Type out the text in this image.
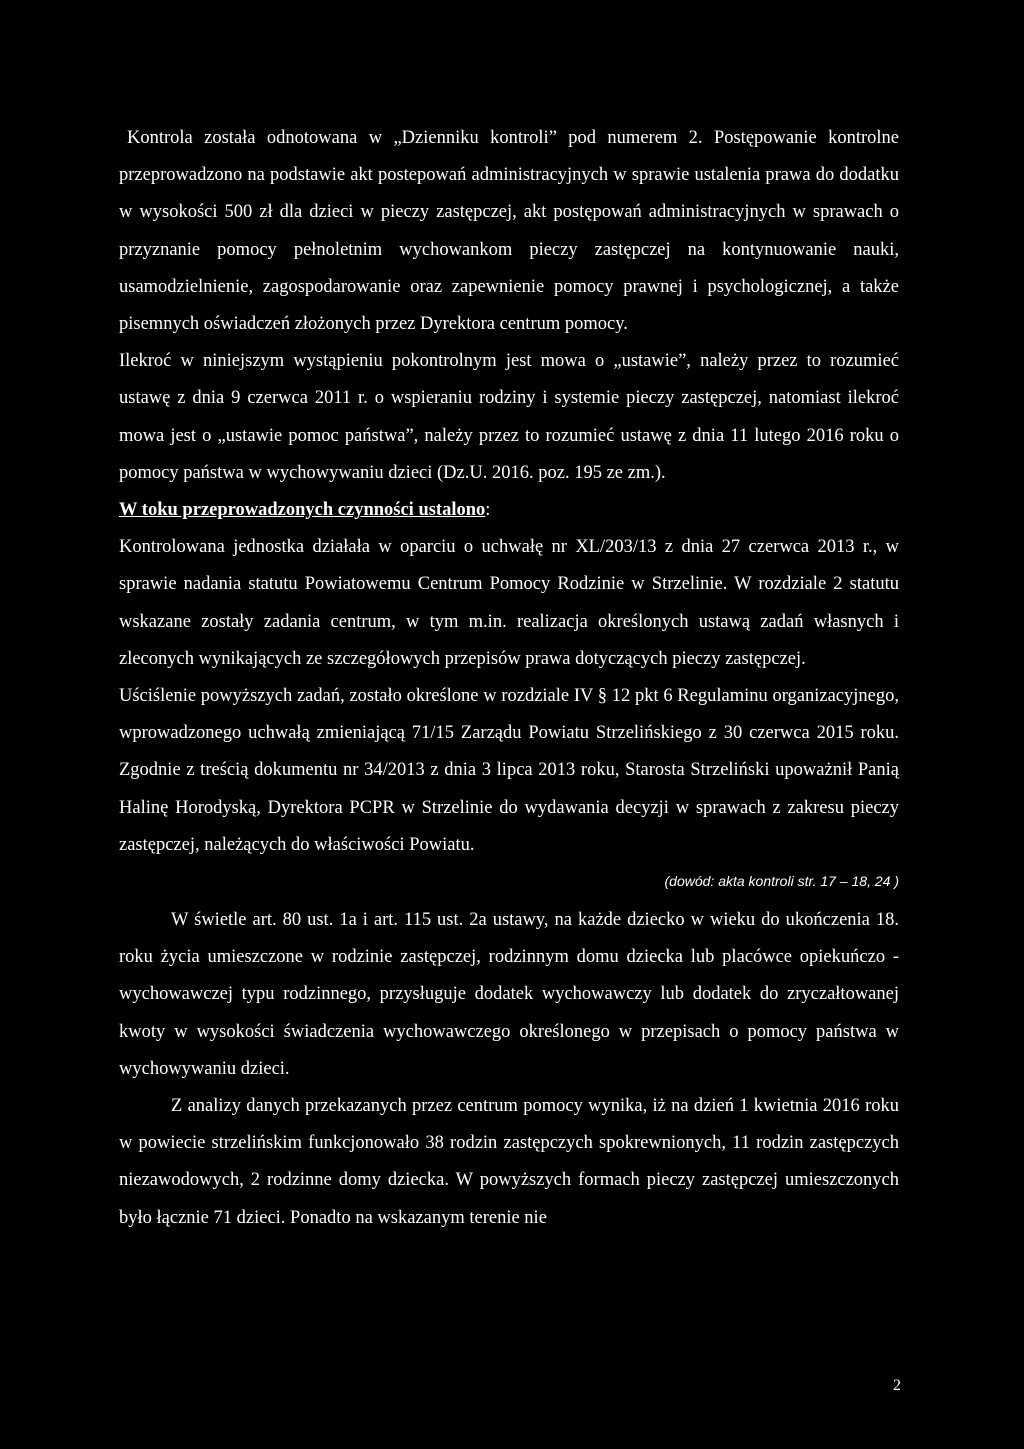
Kontrola została odnotowana w „Dzienniku kontroli” pod numerem 2. Postępowanie kontrolne przeprowadzono na podstawie akt postepowań administracyjnych w sprawie ustalenia prawa do dodatku w wysokości 500 zł dla dzieci w pieczy zastępczej, akt postępowań administracyjnych w sprawach o przyznanie pomocy pełnoletnim wychowankom pieczy zastępczej na kontynuowanie nauki, usamodzielnienie, zagospodarowanie oraz zapewnienie pomocy prawnej i psychologicznej, a także pisemnych oświadczeń złożonych przez Dyrektora centrum pomocy.

Ilekroć w niniejszym wystąpieniu pokontrolnym jest mowa o „ustawie”, należy przez to rozumieć ustawę z dnia 9 czerwca 2011 r. o wspieraniu rodziny i systemie pieczy zastępczej, natomiast ilekroć mowa jest o „ustawie pomoc państwa”, należy przez to rozumieć ustawę z dnia 11 lutego 2016 roku o pomocy państwa w wychowywaniu dzieci (Dz.U. 2016. poz. 195 ze zm.).

W toku przeprowadzonych czynności ustalono:

Kontrolowana jednostka działała w oparciu o uchwałę nr XL/203/13 z dnia 27 czerwca 2013 r., w sprawie nadania statutu Powiatowemu Centrum Pomocy Rodzinie w Strzelinie. W rozdziale 2 statutu wskazane zostały zadania centrum, w tym m.in. realizacja określonych ustawą zadań własnych i zleconych wynikających ze szczegółowych przepisów prawa dotyczących pieczy zastępczej.

Uściślenie powyższych zadań, zostało określone w rozdziale IV § 12 pkt 6 Regulaminu organizacyjnego, wprowadzonego uchwałą zmieniającą 71/15 Zarządu Powiatu Strzelińskiego z 30 czerwca 2015 roku. Zgodnie z treścią dokumentu nr 34/2013 z dnia 3 lipca 2013 roku, Starosta Strzeliński upoważnił Panią Halinę Horodyską, Dyrektora PCPR w Strzelinie do wydawania decyzji w sprawach z zakresu pieczy zastępczej, należących do właściwości Powiatu.

(dowód: akta kontroli str. 17 – 18, 24 )

W świetle art. 80 ust. 1a i art. 115 ust. 2a ustawy, na każde dziecko w wieku do ukończenia 18. roku życia umieszczone w rodzinie zastępczej, rodzinnym domu dziecka lub placówce opiekuńczo - wychowawczej typu rodzinnego, przysługuje dodatek wychowawczy lub dodatek do zryczałtowanej kwoty w wysokości świadczenia wychowawczego określonego w przepisach o pomocy państwa w wychowywaniu dzieci.

Z analizy danych przekazanych przez centrum pomocy wynika, iż na dzień 1 kwietnia 2016 roku w powiecie strzelińskim funkcjonowało 38 rodzin zastępczych spokrewnionych, 11 rodzin zastępczych niezawodowych, 2 rodzinne domy dziecka. W powyższych formach pieczy zastępczej umieszczonych było łącznie 71 dzieci. Ponadto na wskazanym terenie nie

2
